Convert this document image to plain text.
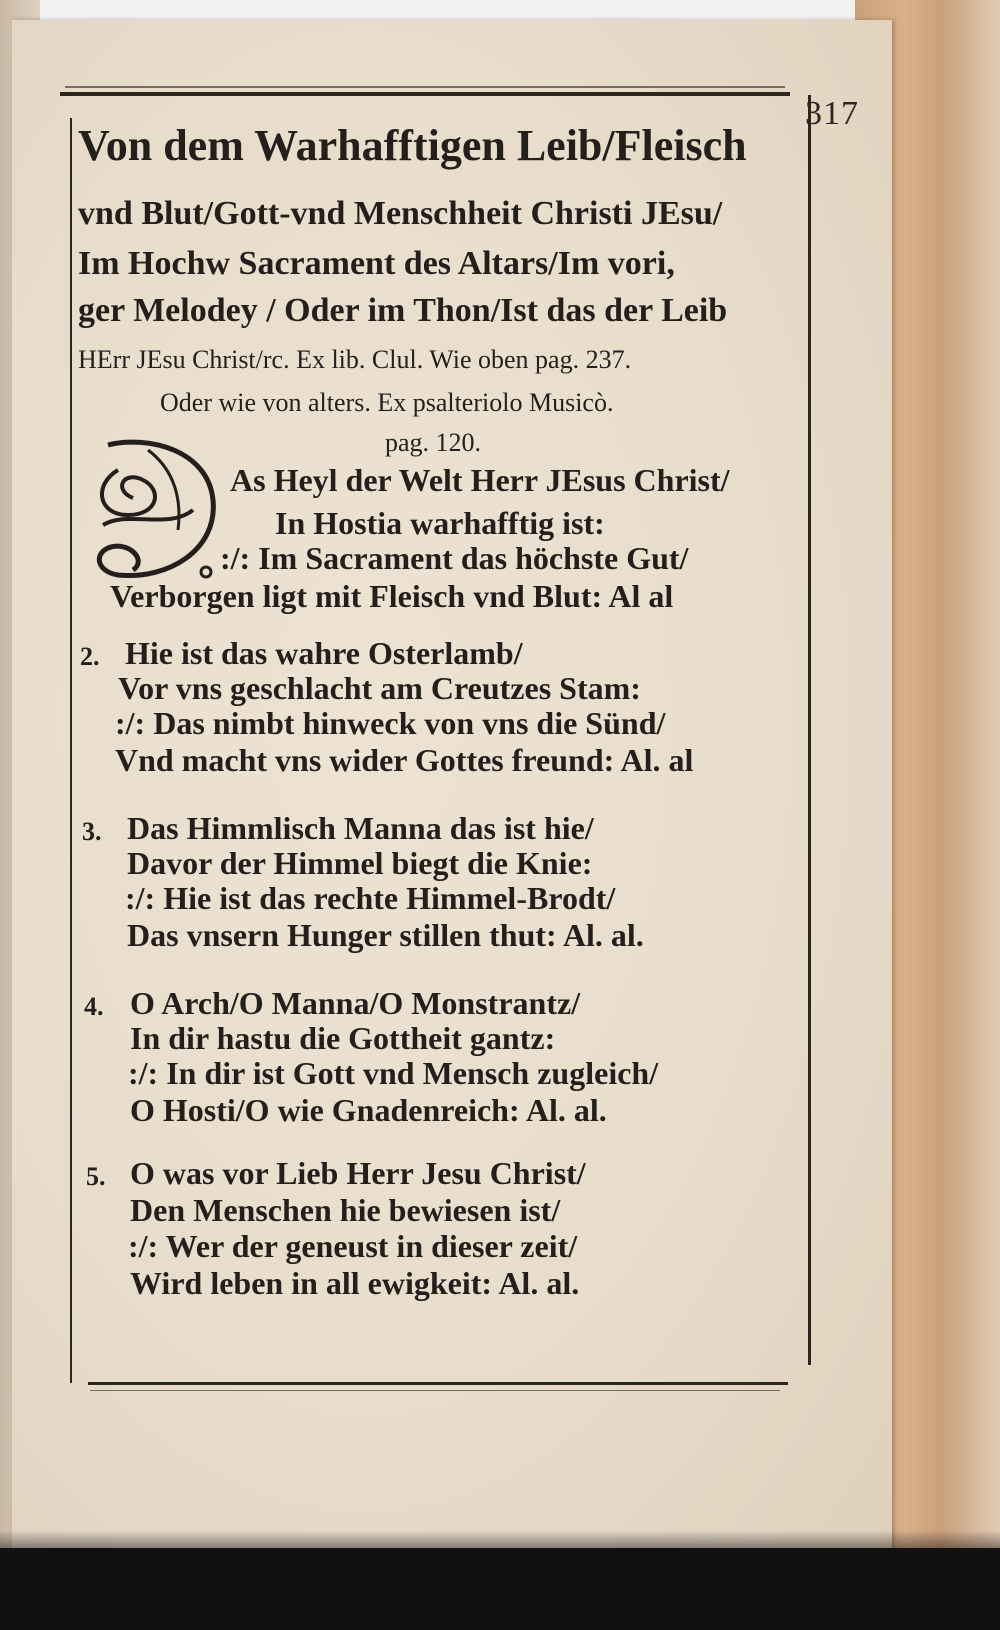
317
Von dem Warhafftigen Leib/Fleisch
vnd Blut/Gott-vnd Menschheit Christi JEsu/
Im Hochw Sacrament des Altars/Im vori,
ger Melodey / Oder im Thon/Ist das der Leib
HErr JEsu Christ/rc. Ex lib. Clul. Wie oben pag. 237.
Oder wie von alters. Ex psalteriolo Musicò.
pag. 120.
As Heyl der Welt Herr JEsus Christ/
In Hostia warhafftig ist:
:/: Im Sacrament das höchste Gut/
Verborgen ligt mit Fleisch vnd Blut: Al al
2. Hie ist das wahre Osterlamb/
Vor vns geschlacht am Creutzes Stam:
:/: Das nimbt hinweck von vns die Sünd/
Vnd macht vns wider Gottes freund: Al. al
3. Das Himmlisch Manna das ist hie/
Davor der Himmel biegt die Knie:
:/: Hie ist das rechte Himmel-Brodt/
Das vnsern Hunger stillen thut: Al. al.
4. O Arch/O Manna/O Monstrantz/
In dir hastu die Gottheit gantz:
:/: In dir ist Gott vnd Mensch zugleich/
O Hosti/O wie Gnadenreich: Al. al.
5. O was vor Lieb Herr Jesu Christ/
Den Menschen hie bewiesen ist/
:/: Wer der geneust in dieser zeit/
Wird leben in all ewigkeit: Al. al.
